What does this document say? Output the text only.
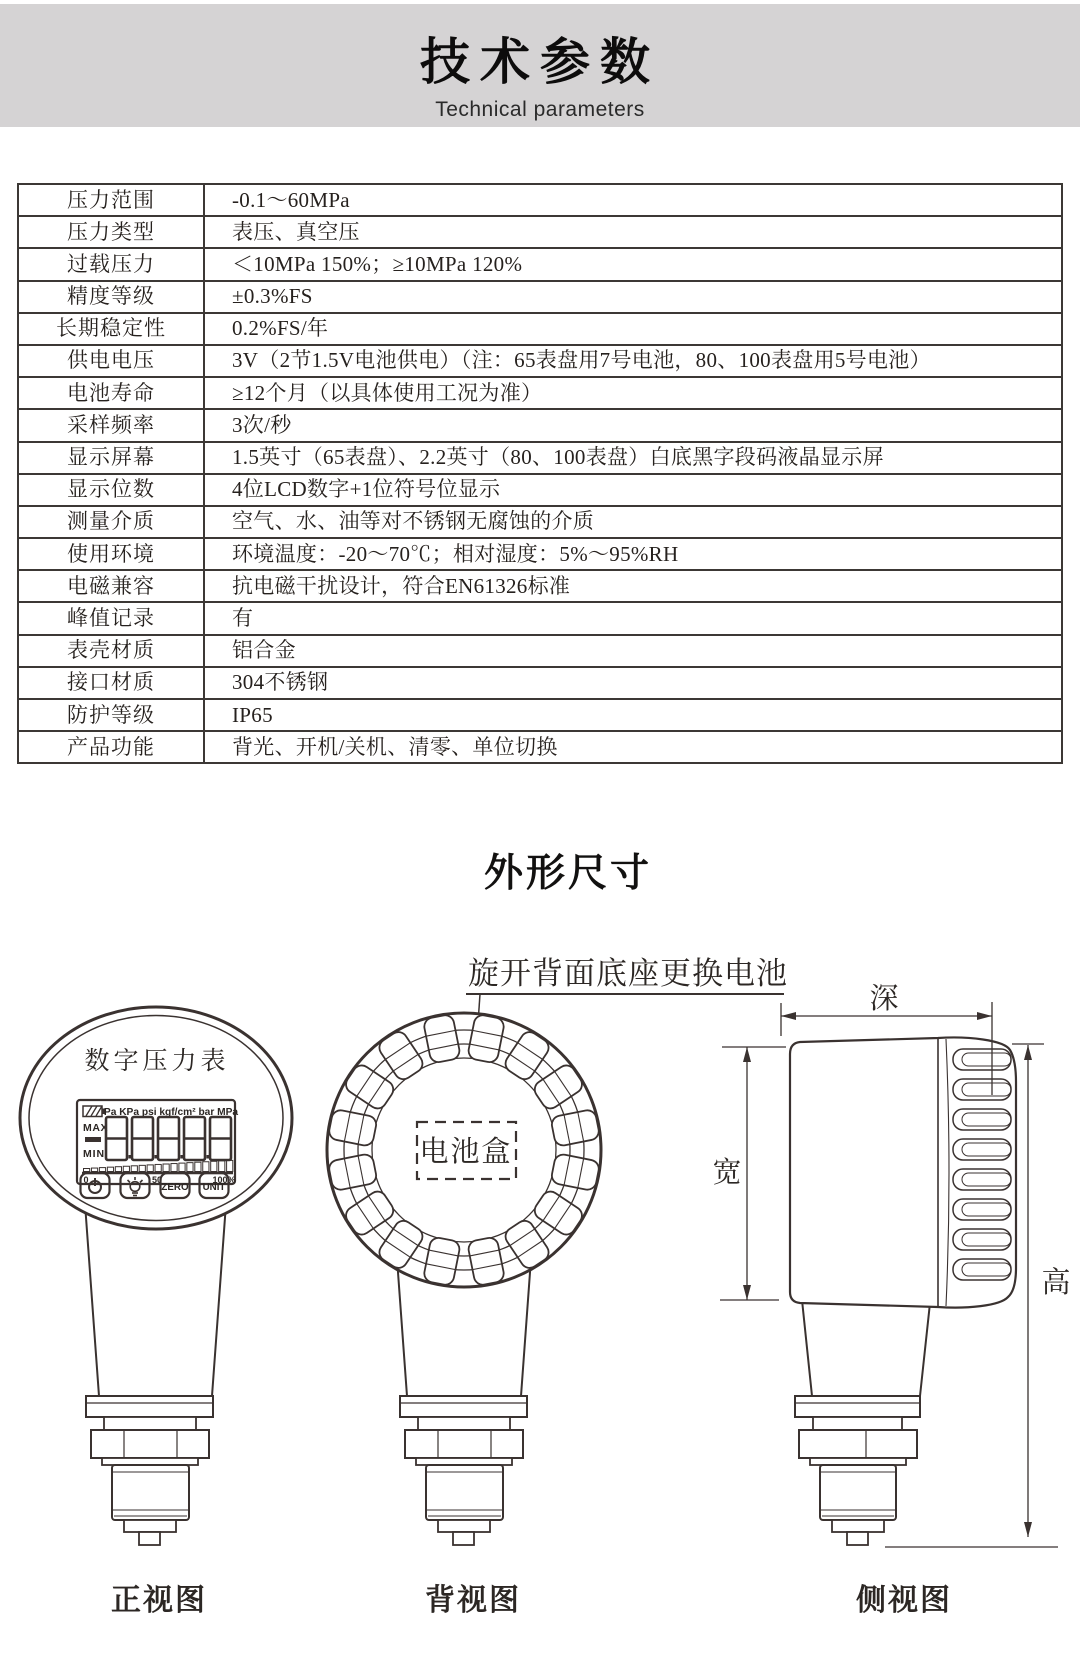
技术参数
Technical parameters
压力范围	-0.1～60MPa
压力类型	表压、真空压
过载压力	＜10MPa 150%；≥10MPa 120%
精度等级	±0.3%FS
长期稳定性	0.2%FS/年
供电电压	3V（2节1.5V电池供电）（注：65表盘用7号电池，80、100表盘用5号电池）
电池寿命	≥12个月（以具体使用工况为准）
采样频率	3次/秒
显示屏幕	1.5英寸（65表盘）、2.2英寸（80、100表盘）白底黑字段码液晶显示屏
显示位数	4位LCD数字+1位符号位显示
测量介质	空气、水、油等对不锈钢无腐蚀的介质
使用环境	环境温度：-20～70℃；相对湿度：5%～95%RH
电磁兼容	抗电磁干扰设计，符合EN61326标准
峰值记录	有
表壳材质	铝合金
接口材质	304不锈钢
防护等级	IP65
产品功能	背光、开机/关机、清零、单位切换
外形尺寸
旋开背面底座更换电池
数字压力表
Pa KPa psi kgf/cm² bar MPa
MAX
MIN
0	50	100%
ZERO UNIT
正视图
电池盒
背视图
深
宽
高
侧视图
